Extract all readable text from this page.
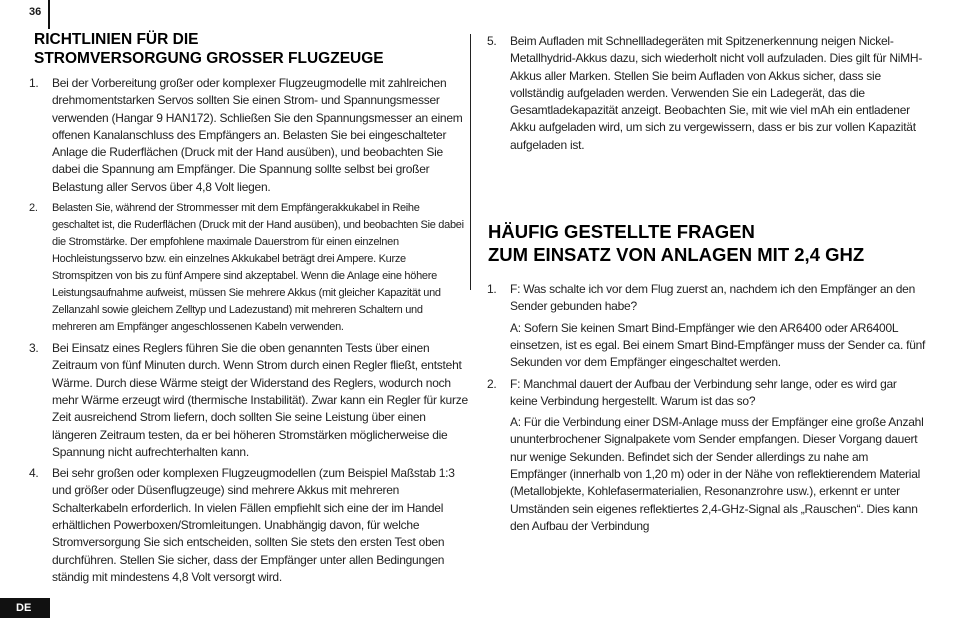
36
DE
RICHTLINIEN FÜR DIE
STROMVERSORGUNG GROSSER FLUGZEUGE
1. Bei der Vorbereitung großer oder komplexer Flugzeugmodelle mit zahlreichen drehmomentstarken Servos sollten Sie einen Strom- und Spannungsmesser verwenden (Hangar 9 HAN172). Schließen Sie den Spannungsmesser an einem offenen Kanalanschluss des Empfängers an. Belasten Sie bei eingeschalteter Anlage die Ruderflächen (Druck mit der Hand ausüben), und beobachten Sie dabei die Spannung am Empfänger. Die Spannung sollte selbst bei großer Belastung aller Servos über 4,8 Volt liegen.

2. Belasten Sie, während der Strommesser mit dem Empfängerakkukabel in Reihe geschaltet ist, die Ruderflächen (Druck mit der Hand ausüben), und beobachten Sie dabei die Stromstärke. Der empfohlene maximale Dauerstrom für einen einzelnen Hochleistungsservo bzw. ein einzelnes Akkukabel beträgt drei Ampere. Kurze Stromspitzen von bis zu fünf Ampere sind akzeptabel. Wenn die Anlage eine höhere Leistungsaufnahme aufweist, müssen Sie mehrere Akkus (mit gleicher Kapazität und Zellanzahl sowie gleichem Zelltyp und Ladezustand) mit mehreren Schaltern und mehreren am Empfänger angeschlossenen Kabeln verwenden.

3. Bei Einsatz eines Reglers führen Sie die oben genannten Tests über einen Zeitraum von fünf Minuten durch. Wenn Strom durch einen Regler fließt, entsteht Wärme. Durch diese Wärme steigt der Widerstand des Reglers, wodurch noch mehr Wärme erzeugt wird (thermische Instabilität). Zwar kann ein Regler für kurze Zeit ausreichend Strom liefern, doch sollten Sie seine Leistung über einen längeren Zeitraum testen, da er bei höheren Stromstärken möglicherweise die Spannung nicht aufrechterhalten kann.

4. Bei sehr großen oder komplexen Flugzeugmodellen (zum Beispiel Maßstab 1:3 und größer oder Düsenflugzeuge) sind mehrere Akkus mit mehreren Schalterkabeln erforderlich. In vielen Fällen empfiehlt sich eine der im Handel erhältlichen Powerboxen/Stromleitungen. Unabhängig davon, für welche Stromversorgung Sie sich entscheiden, sollten Sie stets den ersten Test oben durchführen. Stellen Sie sicher, dass der Empfänger unter allen Bedingungen ständig mit mindestens 4,8 Volt versorgt wird.

5. Beim Aufladen mit Schnellladegeräten mit Spitzenerkennung neigen Nickel-Metallhydrid-Akkus dazu, sich wiederholt nicht voll aufzuladen. Dies gilt für NiMH-Akkus aller Marken. Stellen Sie beim Aufladen von Akkus sicher, dass sie vollständig aufgeladen werden. Verwenden Sie ein Ladegerät, das die Gesamtladekapazität anzeigt. Beobachten Sie, mit wie viel mAh ein entladener Akku aufgeladen wird, um sich zu vergewissern, dass er bis zur vollen Kapazität aufgeladen ist.

HÄUFIG GESTELLTE FRAGEN
ZUM EINSATZ VON ANLAGEN MIT 2,4 GHZ
1. F: Was schalte ich vor dem Flug zuerst an, nachdem ich den Empfänger an den Sender gebunden habe?

A: Sofern Sie keinen Smart Bind-Empfänger wie den AR6400 oder AR6400L einsetzen, ist es egal. Bei einem Smart Bind-Empfänger muss der Sender ca. fünf Sekunden vor dem Empfänger eingeschaltet werden.

2. F: Manchmal dauert der Aufbau der Verbindung sehr lange, oder es wird gar keine Verbindung hergestellt. Warum ist das so?

A: Für die Verbindung einer DSM-Anlage muss der Empfänger eine große Anzahl ununterbrochener Signalpakete vom Sender empfangen. Dieser Vorgang dauert nur wenige Sekunden. Befindet sich der Sender allerdings zu nahe am Empfänger (innerhalb von 1,20 m) oder in der Nähe von reflektierendem Material (Metallobjekte, Kohlefasermaterialien, Resonanzrohre usw.), erkennt er unter Umständen sein eigenes reflektiertes 2,4-GHz-Signal als „Rauschen“. Dies kann den Aufbau der Verbindung
